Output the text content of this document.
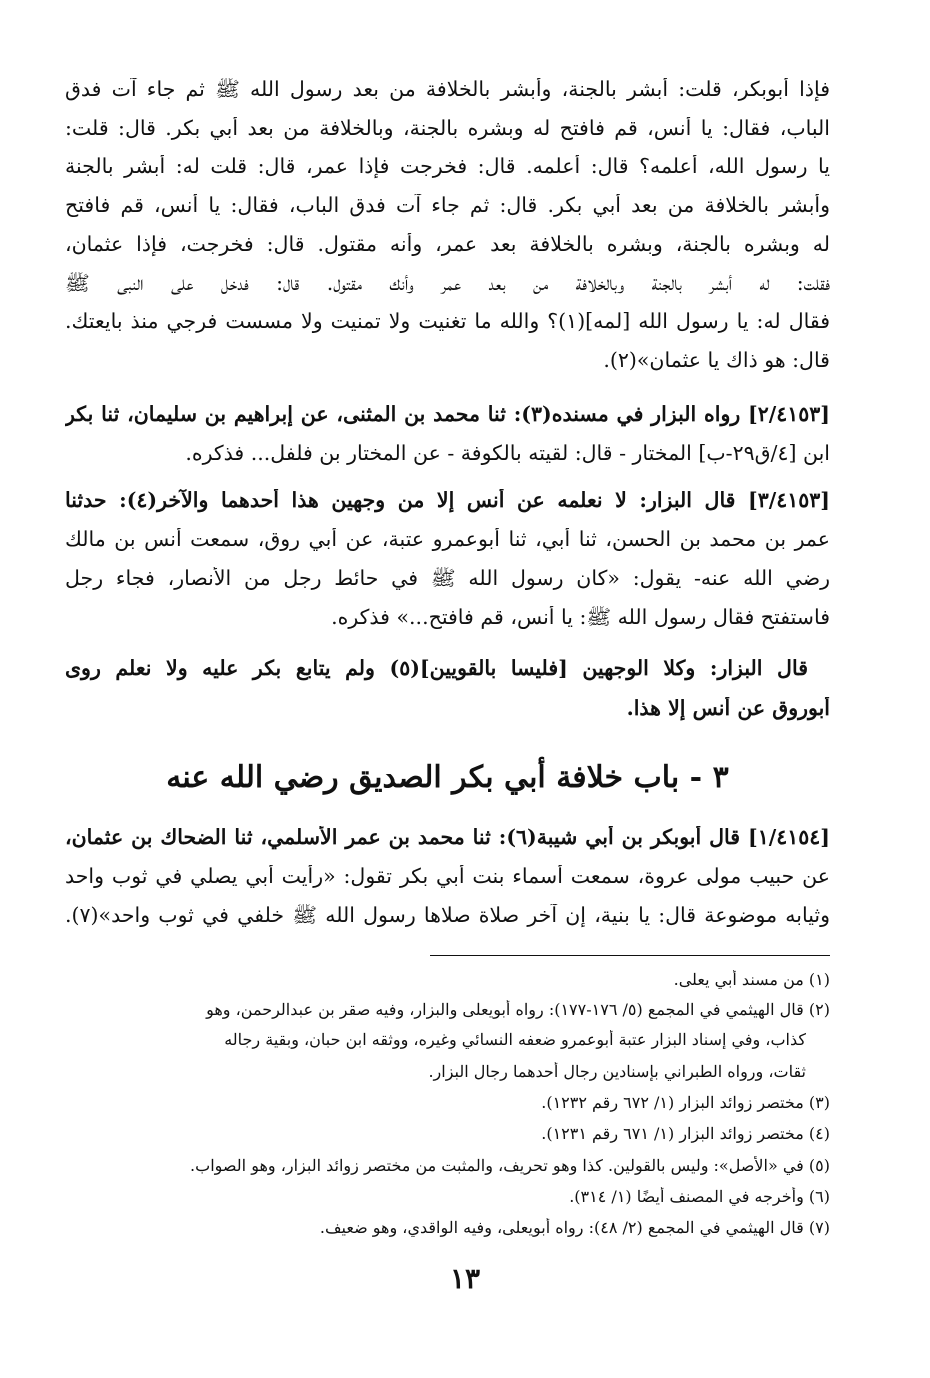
فإذا أبوبكر، قلت: أبشر بالجنة، وأبشر بالخلافة من بعد رسول الله ﷺ ثم جاء آت فدق
الباب، فقال: يا أنس، قم فافتح له وبشره بالجنة، وبالخلافة من بعد أبي بكر. قال: قلت:
يا رسول الله، أعلمه؟ قال: أعلمه. قال: فخرجت فإذا عمر، قال: قلت له: أبشر بالجنة
وأبشر بالخلافة من بعد أبي بكر. قال: ثم جاء آت فدق الباب، فقال: يا أنس، قم فافتح
له وبشره بالجنة، وبشره بالخلافة بعد عمر، وأنه مقتول. قال: فخرجت، فإذا عثمان،
فقلت: له أبشر بالجنة وبالخلافة من بعد عمر وأنك مقتول. قال: فدخل على النبي ﷺ
فقال له: يا رسول الله [لمه](١)؟ والله ما تغنيت ولا تمنيت ولا مسست فرجي منذ بايعتك.
قال: هو ذاك يا عثمان»(٢).
[٢/٤١٥٣] رواه البزار في مسنده(٣): ثنا محمد بن المثنى، عن إبراهيم بن سليمان، ثنا بكر
ابن [٤/ق٢٩-ب] المختار - قال: لقيته بالكوفة - عن المختار بن فلفل... فذكره.
[٣/٤١٥٣] قال البزار: لا نعلمه عن أنس إلا من وجهين هذا أحدهما والآخر(٤): حدثنا
عمر بن محمد بن الحسن، ثنا أبي، ثنا أبوعمرو عتبة، عن أبي روق، سمعت أنس بن مالك
رضي الله عنه- يقول: «كان رسول الله ﷺ في حائط رجل من الأنصار، فجاء رجل
فاستفتح فقال رسول الله ﷺ: يا أنس، قم فافتح...» فذكره.
قال البزار: وكلا الوجهين [فليسا بالقويين](٥) ولم يتابع بكر عليه ولا نعلم روى
أبوروق عن أنس إلا هذا.
[١/٤١٥٤] قال أبوبكر بن أبي شيبة(٦): ثنا محمد بن عمر الأسلمي، ثنا الضحاك بن عثمان،
عن حبيب مولى عروة، سمعت أسماء بنت أبي بكر تقول: «رأيت أبي يصلي في ثوب واحد
وثيابه موضوعة قال: يا بنية، إن آخر صلاة صلاها رسول الله ﷺ خلفي في ثوب واحد»(٧).
٣ - باب خلافة أبي بكر الصديق رضي الله عنه
(١) من مسند أبي يعلى.
(٢) قال الهيثمي في المجمع (٥/ ١٧٦-١٧٧): رواه أبويعلى والبزار، وفيه صقر بن عبدالرحمن، وهو
كذاب، وفي إسناد البزار عتبة أبوعمرو ضعفه النسائي وغيره، ووثقه ابن حبان، وبقية رجاله
ثقات، ورواه الطبراني بإسنادين رجال أحدهما رجال البزار.
(٣) مختصر زوائد البزار (١/ ٦٧٢ رقم ١٢٣٢).
(٤) مختصر زوائد البزار (١/ ٦٧١ رقم ١٢٣١).
(٥) في «الأصل»: وليس بالقولين. كذا وهو تحريف، والمثبت من مختصر زوائد البزار، وهو الصواب.
(٦) وأخرجه في المصنف أيضًا (١/ ٣١٤).
(٧) قال الهيثمي في المجمع (٢/ ٤٨): رواه أبويعلى، وفيه الواقدي، وهو ضعيف.
١٣
